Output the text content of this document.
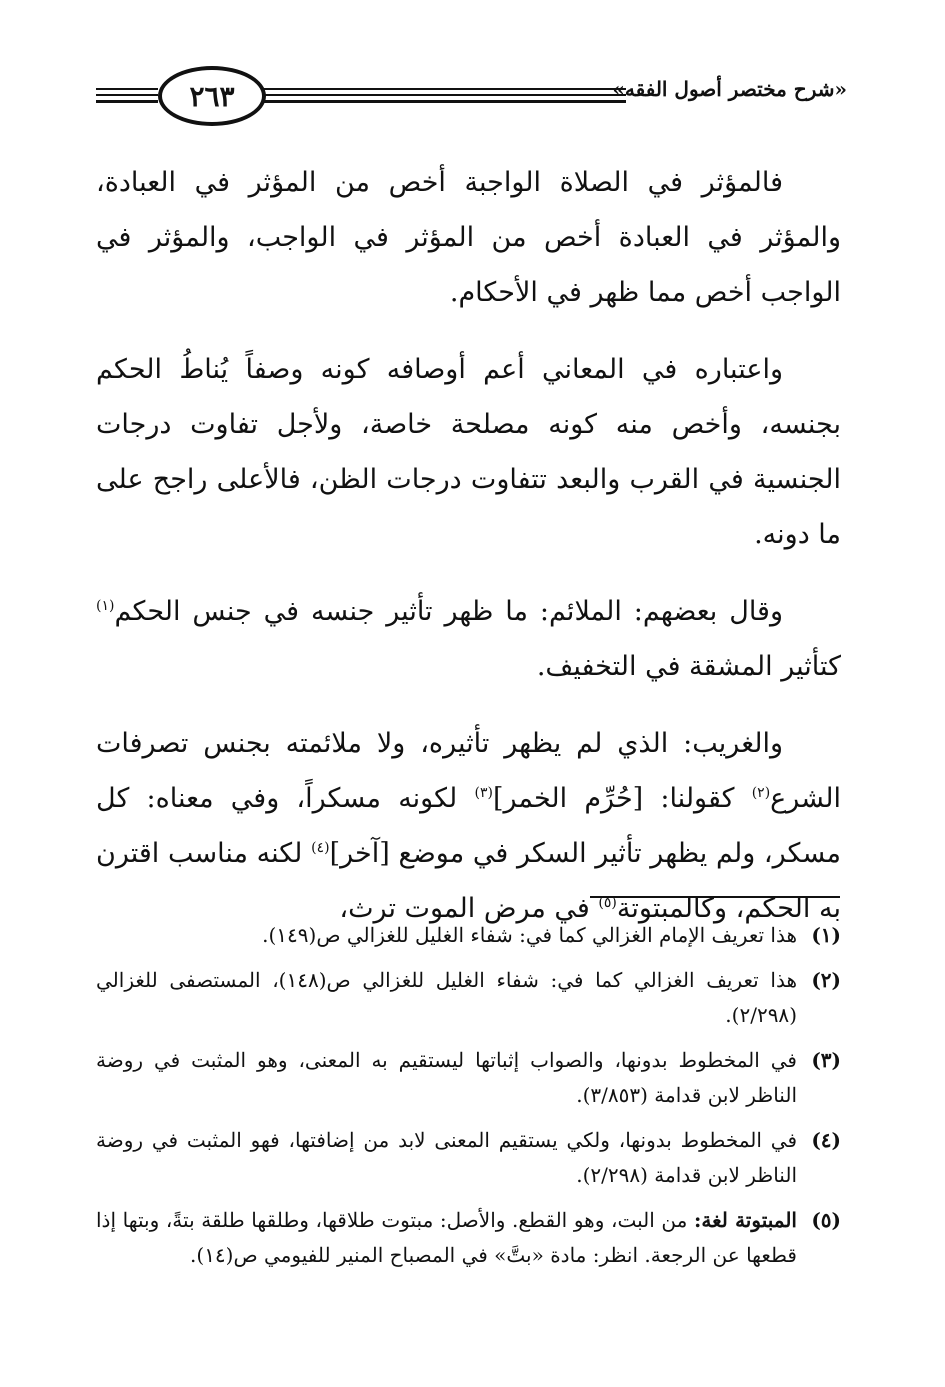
«شرح مختصر أصول الفقه»
٢٦٣

فالمؤثر في الصلاة الواجبة أخص من المؤثر في العبادة، والمؤثر في العبادة أخص من المؤثر في الواجب، والمؤثر في الواجب أخص مما ظهر في الأحكام.

واعتباره في المعاني أعم أوصافه كونه وصفاً يُناطُ الحكم بجنسه، وأخص منه كونه مصلحة خاصة، ولأجل تفاوت درجات الجنسية في القرب والبعد تتفاوت درجات الظن، فالأعلى راجح على ما دونه.

وقال بعضهم: الملائم: ما ظهر تأثير جنسه في جنس الحكم$^{(١)}$ كتأثير المشقة في التخفيف.

والغريب: الذي لم يظهر تأثيره، ولا ملائمته بجنس تصرفات الشرع$^{(٢)}$ كقولنا: [حُرِّم الخمر]$^{(٣)}$ لكونه مسكراً، وفي معناه: كل مسكر، ولم يظهر تأثير السكر في موضع [آخر]$^{(٤)}$ لكنه مناسب اقترن به الحكم، وكالمبتوتة$^{(٥)}$ في مرض الموت ترث،

(١)
هذا تعريف الإمام الغزالي كما في: شفاء الغليل للغزالي ص(١٤٩).
(٢)
هذا تعريف الغزالي كما في: شفاء الغليل للغزالي ص(١٤٨)، المستصفى للغزالي (٢/٢٩٨).
(٣)
في المخطوط بدونها، والصواب إثباتها ليستقيم به المعنى، وهو المثبت في روضة الناظر لابن قدامة (٣/٨٥٣).
(٤)
في المخطوط بدونها، ولكي يستقيم المعنى لابد من إضافتها، فهو المثبت في روضة الناظر لابن قدامة (٢/٢٩٨).
(٥)
المبتوتة لغة: من البت، وهو القطع. والأصل: مبتوت طلاقها، وطلقها طلقة بتةً، وبتها إذا قطعها عن الرجعة. انظر: مادة «بتَّ» في المصباح المنير للفيومي ص(١٤).
